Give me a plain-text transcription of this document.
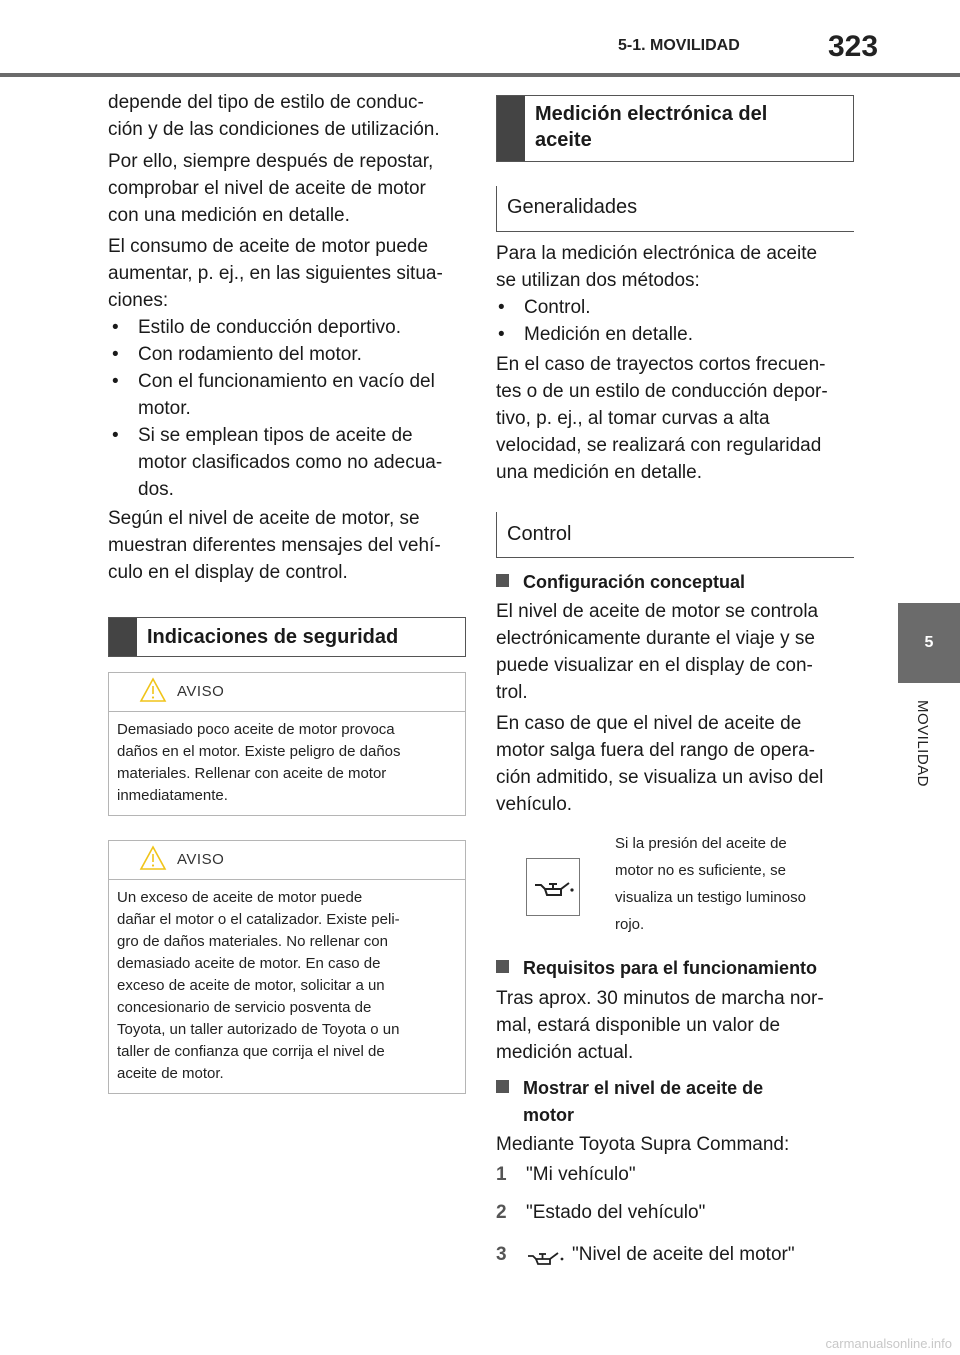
5-1. MOVILIDAD	323
5
MOVILIDAD
depende del tipo de estilo de conduc-
ción y de las condiciones de utilización.
Por ello, siempre después de repostar,
comprobar el nivel de aceite de motor
con una medición en detalle.
El consumo de aceite de motor puede
aumentar, p. ej., en las siguientes situa-
ciones:
• Estilo de conducción deportivo.
• Con rodamiento del motor.
• Con el funcionamiento en vacío del
motor.
• Si se emplean tipos de aceite de
motor clasificados como no adecua-
dos.
Según el nivel de aceite de motor, se
muestran diferentes mensajes del vehí-
culo en el display de control.
Indicaciones de seguridad
AVISO
Demasiado poco aceite de motor provoca
daños en el motor. Existe peligro de daños
materiales. Rellenar con aceite de motor
inmediatamente.
AVISO
Un exceso de aceite de motor puede
dañar el motor o el catalizador. Existe peli-
gro de daños materiales. No rellenar con
demasiado aceite de motor. En caso de
exceso de aceite de motor, solicitar a un
concesionario de servicio posventa de
Toyota, un taller autorizado de Toyota o un
taller de confianza que corrija el nivel de
aceite de motor.
Medición electrónica del
aceite
Generalidades
Para la medición electrónica de aceite
se utilizan dos métodos:
• Control.
• Medición en detalle.
En el caso de trayectos cortos frecuen-
tes o de un estilo de conducción depor-
tivo, p. ej., al tomar curvas a alta
velocidad, se realizará con regularidad
una medición en detalle.
Control
Configuración conceptual
El nivel de aceite de motor se controla
electrónicamente durante el viaje y se
puede visualizar en el display de con-
trol.
En caso de que el nivel de aceite de
motor salga fuera del rango de opera-
ción admitido, se visualiza un aviso del
vehículo.
Si la presión del aceite de
motor no es suficiente, se
visualiza un testigo luminoso
rojo.
Requisitos para el funcionamiento
Tras aprox. 30 minutos de marcha nor-
mal, estará disponible un valor de
medición actual.
Mostrar el nivel de aceite de
motor
Mediante Toyota Supra Command:
1 "Mi vehículo"
2 "Estado del vehículo"
3	"Nivel de aceite del motor"
carmanualsonline.info
